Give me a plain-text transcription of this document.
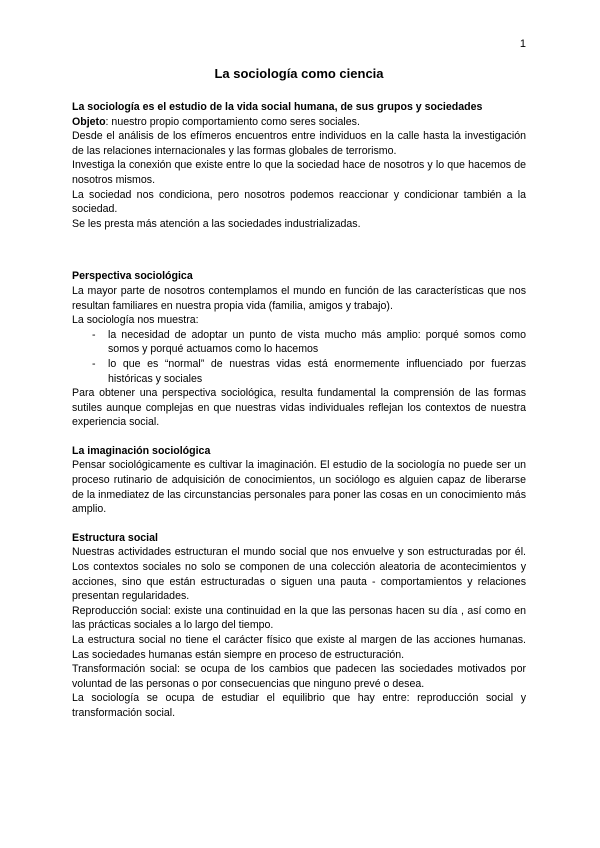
1
La sociología como ciencia
La sociología es el estudio de la vida social humana, de sus grupos y sociedades

Objeto: nuestro propio comportamiento como seres sociales.

Desde el análisis de los efímeros encuentros entre individuos en la calle hasta la investigación de las relaciones internacionales y las formas globales de terrorismo.

Investiga la conexión que existe entre lo que la sociedad hace de nosotros y lo que hacemos de nosotros mismos.

La sociedad nos condiciona, pero nosotros podemos reaccionar y condicionar también a la sociedad.

Se les presta más atención a las sociedades industrializadas.

Perspectiva sociológica

La mayor parte de nosotros contemplamos el mundo en función de las características que nos resultan familiares en nuestra propia vida (familia, amigos y trabajo).

La sociología nos muestra:

- la necesidad de adoptar un punto de vista mucho más amplio: porqué somos como somos y porqué actuamos como lo hacemos
- lo que es “normal” de nuestras vidas está enormemente influenciado por fuerzas históricas y sociales

Para obtener una perspectiva sociológica, resulta fundamental la comprensión de las formas sutiles aunque complejas en que nuestras vidas individuales reflejan los contextos de nuestra experiencia social.

La imaginación sociológica

Pensar sociológicamente es cultivar la imaginación. El estudio de la sociología no puede ser un proceso rutinario de adquisición de conocimientos, un sociólogo es alguien capaz de liberarse de la inmediatez de las circunstancias personales para poner las cosas en un conocimiento más amplio.

Estructura social

Nuestras actividades estructuran el mundo social que nos envuelve y son estructuradas por él. Los contextos sociales no solo se componen de una colección aleatoria de acontecimientos y acciones, sino que están estructuradas o siguen una pauta - comportamientos y relaciones presentan regularidades.

Reproducción social: existe una continuidad en la que las personas hacen su día , así como en las prácticas sociales a lo largo del tiempo.

La estructura social no tiene el carácter físico que existe al margen de las acciones humanas. Las sociedades humanas están siempre en proceso de estructuración.

Transformación social: se ocupa de los cambios que padecen las sociedades motivados por voluntad de las personas o por consecuencias que ninguno prevé o desea.

La sociología se ocupa de estudiar el equilibrio que hay entre: reproducción social y transformación social.
